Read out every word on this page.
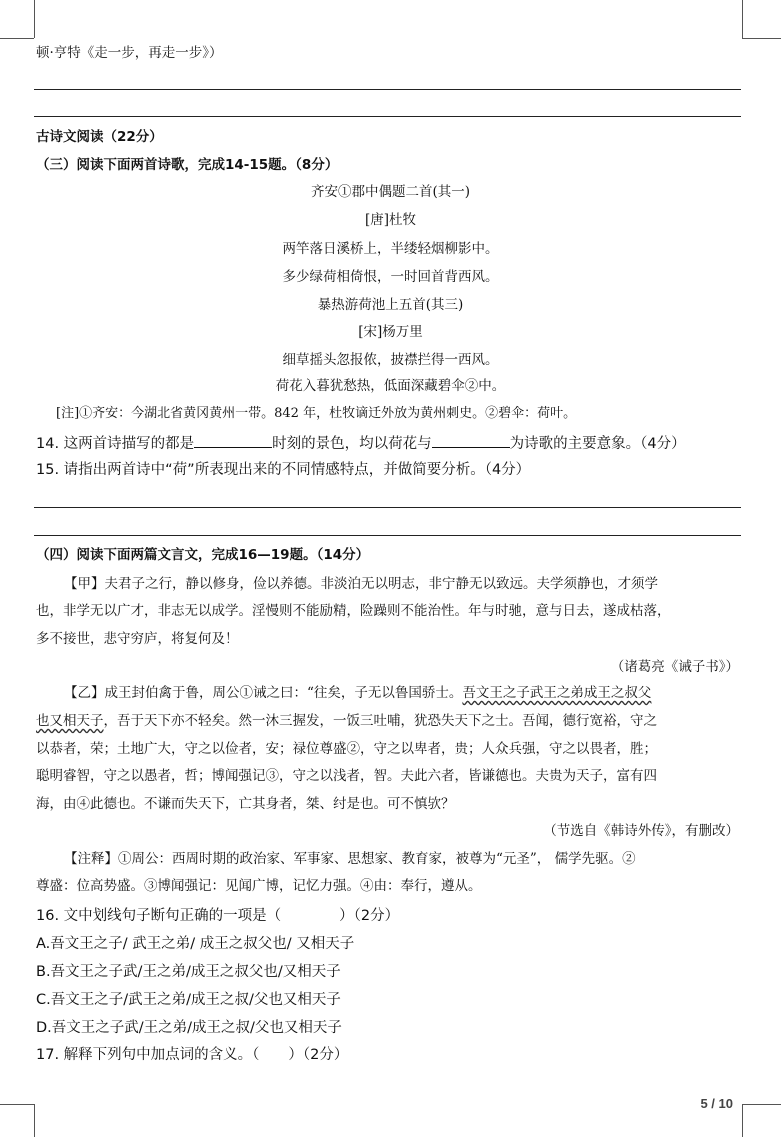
顿·亨特《走一步，再走一步》）
古诗文阅读（22分）
（三）阅读下面两首诗歌，完成14-15题。（8分）
齐安①郡中偶题二首(其一)
[唐]杜牧
两竿落日溪桥上，半缕轻烟柳影中。
多少绿荷相倚恨，一时回首背西风。
暴热游荷池上五首(其三)
[宋]杨万里
细草摇头忽报侬，披襟拦得一西风。
荷花入暮犹愁热，低面深藏碧伞②中。
[注]①齐安：今湖北省黄冈黄州一带。842 年，杜牧谪迁外放为黄州刺史。②碧伞：荷叶。
14. 这两首诗描写的都是	时刻的景色，均以荷花与	为诗歌的主要意象。（4分）
15. 请指出两首诗中“荷”所表现出来的不同情感特点，并做简要分析。（4分）
（四）阅读下面两篇文言文，完成16—19题。（14分）
【甲】夫君子之行，静以修身，俭以养德。非淡泊无以明志，非宁静无以致远。夫学须静也，才须学
也，非学无以广才，非志无以成学。淫慢则不能励精，险躁则不能治性。年与时驰，意与日去，遂成枯落，
多不接世，悲守穷庐，将复何及！
（诸葛亮《诫子书》）
【乙】成王封伯禽于鲁，周公①诫之曰：“往矣，子无以鲁国骄士。吾文王之子武王之弟成王之叔父
也又相天子，吾于天下亦不轻矣。然一沐三握发，一饭三吐哺，犹恐失天下之士。吾闻，德行宽裕，守之
以恭者，荣；土地广大，守之以俭者，安；禄位尊盛②，守之以卑者，贵；人众兵强，守之以畏者，胜；
聪明睿智，守之以愚者，哲；博闻强记③，守之以浅者，智。夫此六者，皆谦德也。夫贵为天子，富有四
海，由④此德也。不谦而失天下，亡其身者，桀、纣是也。可不慎欤？
（节选自《韩诗外传》，有删改）
【注释】①周公：西周时期的政治家、军事家、思想家、教育家，被尊为“元圣”， 儒学先驱。②
尊盛：位高势盛。③博闻强记：见闻广博，记忆力强。④由：奉行，遵从。
16. 文中划线句子断句正确的一项是（　　　　）（2分）
A.吾文王之子/ 武王之弟/ 成王之叔父也/ 又相天子
B.吾文王之子武/王之弟/成王之叔父也/又相天子
C.吾文王之子/武王之弟/成王之叔/父也又相天子
D.吾文王之子武/王之弟/成王之叔/父也又相天子
17. 解释下列句中加点词的含义。（　　）（2分）
5 / 10
